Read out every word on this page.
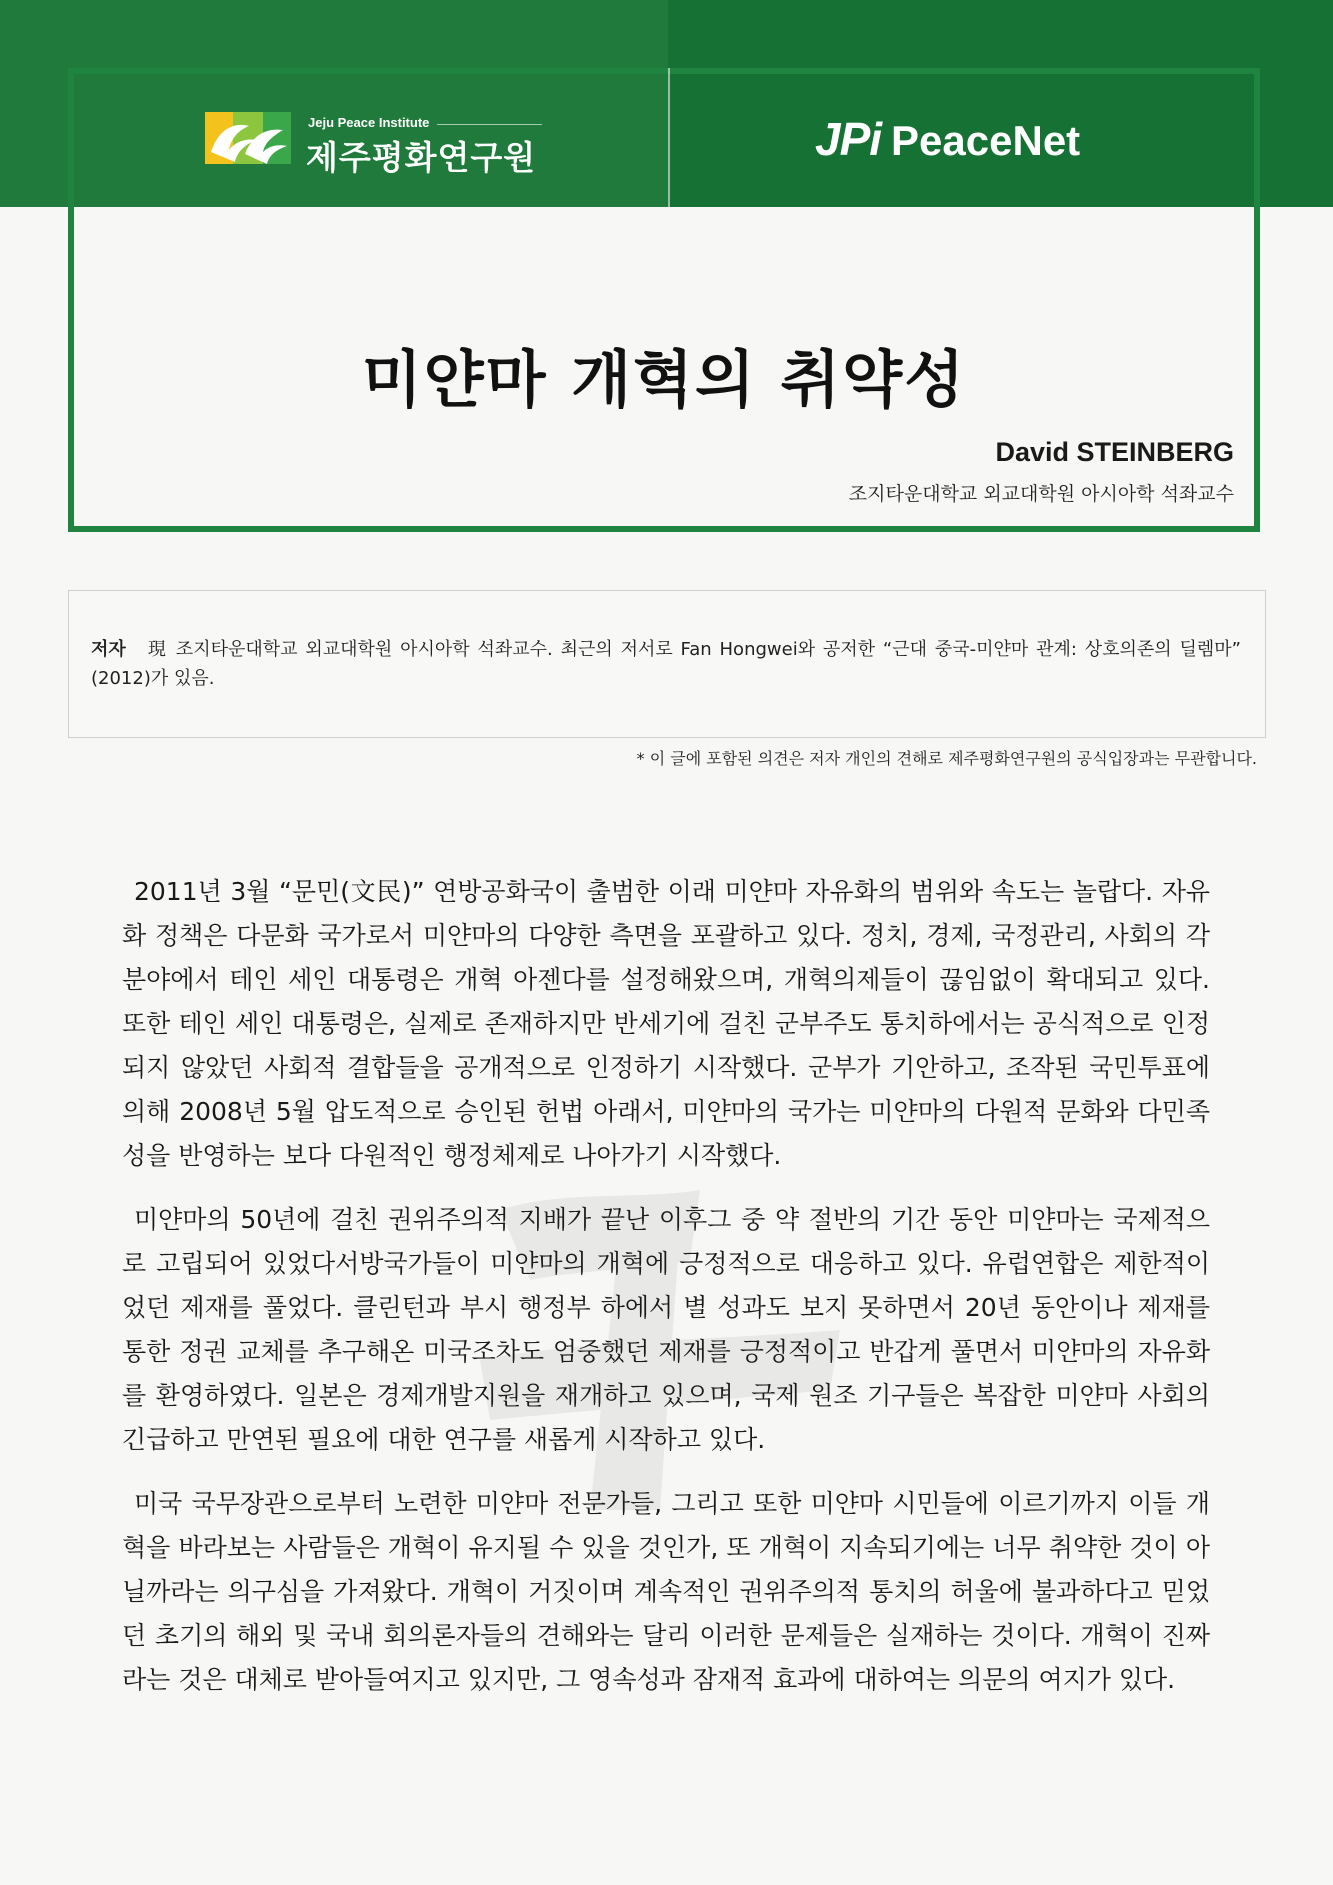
Jeju Peace Institute
제주평화연구원	JPi PeaceNet
미얀마 개혁의 취약성
David STEINBERG
조지타운대학교 외교대학원 아시아학 석좌교수
저자 現 조지타운대학교 외교대학원 아시아학 석좌교수. 최근의 저서로 Fan Hongwei와 공저한 “근대 중국-미얀마 관계: 상호의존의 딜렘마” (2012)가 있음.
* 이 글에 포함된 의견은 저자 개인의 견해로 제주평화연구원의 공식입장과는 무관합니다.

2011년 3월 “문민(文民)” 연방공화국이 출범한 이래 미얀마 자유화의 범위와 속도는 놀랍다. 자유화 정책은 다문화 국가로서 미얀마의 다양한 측면을 포괄하고 있다. 정치, 경제, 국정관리, 사회의 각 분야에서 테인 세인 대통령은 개혁 아젠다를 설정해왔으며, 개혁의제들이 끊임없이 확대되고 있다. 또한 테인 세인 대통령은, 실제로 존재하지만 반세기에 걸친 군부주도 통치하에서는 공식적으로 인정되지 않았던 사회적 결합들을 공개적으로 인정하기 시작했다. 군부가 기안하고, 조작된 국민투표에 의해 2008년 5월 압도적으로 승인된 헌법 아래서, 미얀마의 국가는 미얀마의 다원적 문화와 다민족성을 반영하는 보다 다원적인 행정체제로 나아가기 시작했다.

미얀마의 50년에 걸친 권위주의적 지배가 끝난 이후그 중 약 절반의 기간 동안 미얀마는 국제적으로 고립되어 있었다서방국가들이 미얀마의 개혁에 긍정적으로 대응하고 있다. 유럽연합은 제한적이었던 제재를 풀었다. 클린턴과 부시 행정부 하에서 별 성과도 보지 못하면서 20년 동안이나 제재를 통한 정권 교체를 추구해온 미국조차도 엄중했던 제재를 긍정적이고 반갑게 풀면서 미얀마의 자유화를 환영하였다. 일본은 경제개발지원을 재개하고 있으며, 국제 원조 기구들은 복잡한 미얀마 사회의 긴급하고 만연된 필요에 대한 연구를 새롭게 시작하고 있다.

미국 국무장관으로부터 노련한 미얀마 전문가들, 그리고 또한 미얀마 시민들에 이르기까지 이들 개혁을 바라보는 사람들은 개혁이 유지될 수 있을 것인가, 또 개혁이 지속되기에는 너무 취약한 것이 아닐까라는 의구심을 가져왔다. 개혁이 거짓이며 계속적인 권위주의적 통치의 허울에 불과하다고 믿었던 초기의 해외 및 국내 회의론자들의 견해와는 달리 이러한 문제들은 실재하는 것이다. 개혁이 진짜라는 것은 대체로 받아들여지고 있지만, 그 영속성과 잠재적 효과에 대하여는 의문의 여지가 있다.
